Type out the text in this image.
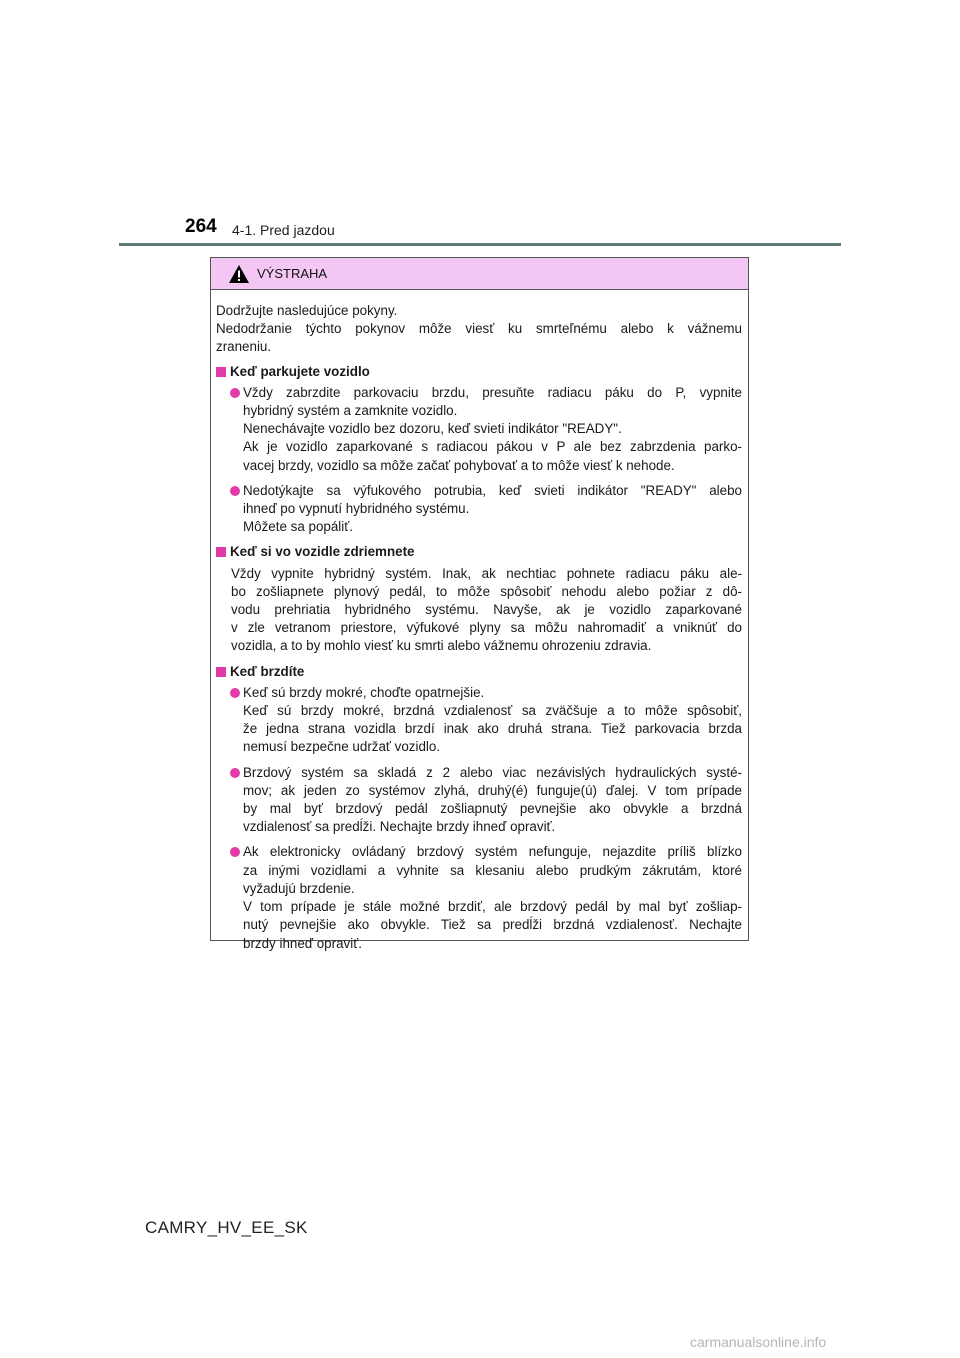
264 4-1. Pred jazdou
VÝSTRAHA
Dodržujte nasledujúce pokyny.
Nedodržanie týchto pokynov môže viesť ku smrteľnému alebo k vážnemu
zraneniu.
Keď parkujete vozidlo
Vždy zabrzdite parkovaciu brzdu, presuňte radiacu páku do P, vypnite
hybridný systém a zamknite vozidlo.
Nenechávajte vozidlo bez dozoru, keď svieti indikátor "READY".
Ak je vozidlo zaparkované s radiacou pákou v P ale bez zabrzdenia parko-
vacej brzdy, vozidlo sa môže začať pohybovať a to môže viesť k nehode.
Nedotýkajte sa výfukového potrubia, keď svieti indikátor "READY" alebo
ihneď po vypnutí hybridného systému.
Môžete sa popáliť.
Keď si vo vozidle zdriemnete
Vždy vypnite hybridný systém. Inak, ak nechtiac pohnete radiacu páku ale-
bo zošliapnete plynový pedál, to môže spôsobiť nehodu alebo požiar z dô-
vodu prehriatia hybridného systému. Navyše, ak je vozidlo zaparkované
v zle vetranom priestore, výfukové plyny sa môžu nahromadiť a vniknúť do
vozidla, a to by mohlo viesť ku smrti alebo vážnemu ohrozeniu zdravia.
Keď brzdíte
Keď sú brzdy mokré, choďte opatrnejšie.
Keď sú brzdy mokré, brzdná vzdialenosť sa zväčšuje a to môže spôsobiť,
že jedna strana vozidla brzdí inak ako druhá strana. Tiež parkovacia brzda
nemusí bezpečne udržať vozidlo.
Brzdový systém sa skladá z 2 alebo viac nezávislých hydraulických systé-
mov; ak jeden zo systémov zlyhá, druhý(é) funguje(ú) ďalej. V tom prípade
by mal byť brzdový pedál zošliapnutý pevnejšie ako obvykle a brzdná
vzdialenosť sa predĺži. Nechajte brzdy ihneď opraviť.
Ak elektronicky ovládaný brzdový systém nefunguje, nejazdite príliš blízko
za inými vozidlami a vyhnite sa klesaniu alebo prudkým zákrutám, ktoré
vyžadujú brzdenie.
V tom prípade je stále možné brzdiť, ale brzdový pedál by mal byť zošliap-
nutý pevnejšie ako obvykle. Tiež sa predĺži brzdná vzdialenosť. Nechajte
brzdy ihneď opraviť.
CAMRY_HV_EE_SK
carmanualsonline.info
